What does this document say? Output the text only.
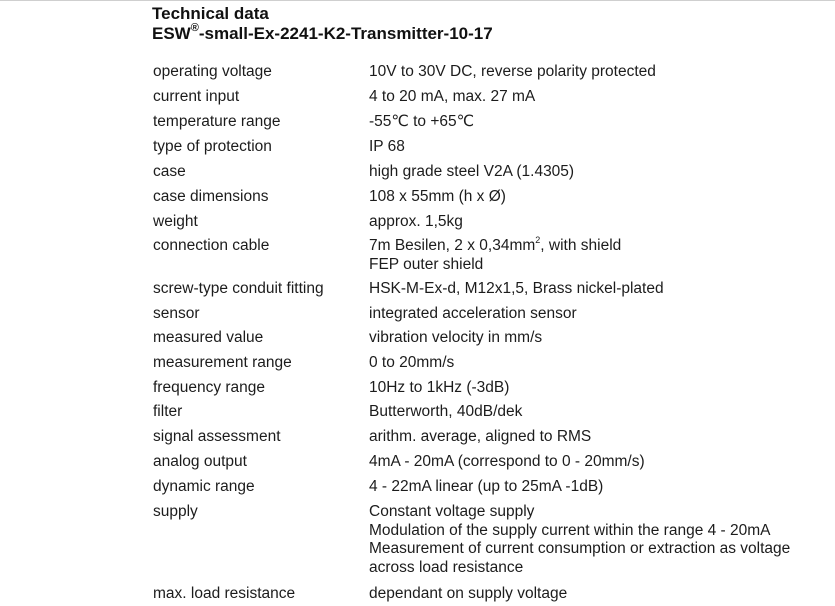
Technical data
ESW®-small-Ex-2241-K2-Transmitter-10-17
operating voltage	10V to 30V DC, reverse polarity protected
current input	4 to 20 mA, max. 27 mA
temperature range	-55℃ to +65℃
type of protection	IP 68
case	high grade steel V2A (1.4305)
case dimensions	108 x 55mm (h x Ø)
weight	approx. 1,5kg
connection cable	7m Besilen, 2 x $0,34mm^2$, with shield
FEP outer shield
screw-type conduit fitting	HSK-M-Ex-d, M12x1,5, Brass nickel-plated
sensor	integrated acceleration sensor
measured value	vibration velocity in mm/s
measurement range	0 to 20mm/s
frequency range	10Hz to 1kHz (-3dB)
filter	Butterworth, 40dB/dek
signal assessment	arithm. average, aligned to RMS
analog output	4mA - 20mA (correspond to 0 - 20mm/s)
dynamic range	4 - 22mA linear (up to 25mA -1dB)
supply	Constant voltage supply
Modulation of the supply current within the range 4 - 20mA
Measurement of current consumption or extraction as voltage
across load resistance
max. load resistance	dependant on supply voltage
